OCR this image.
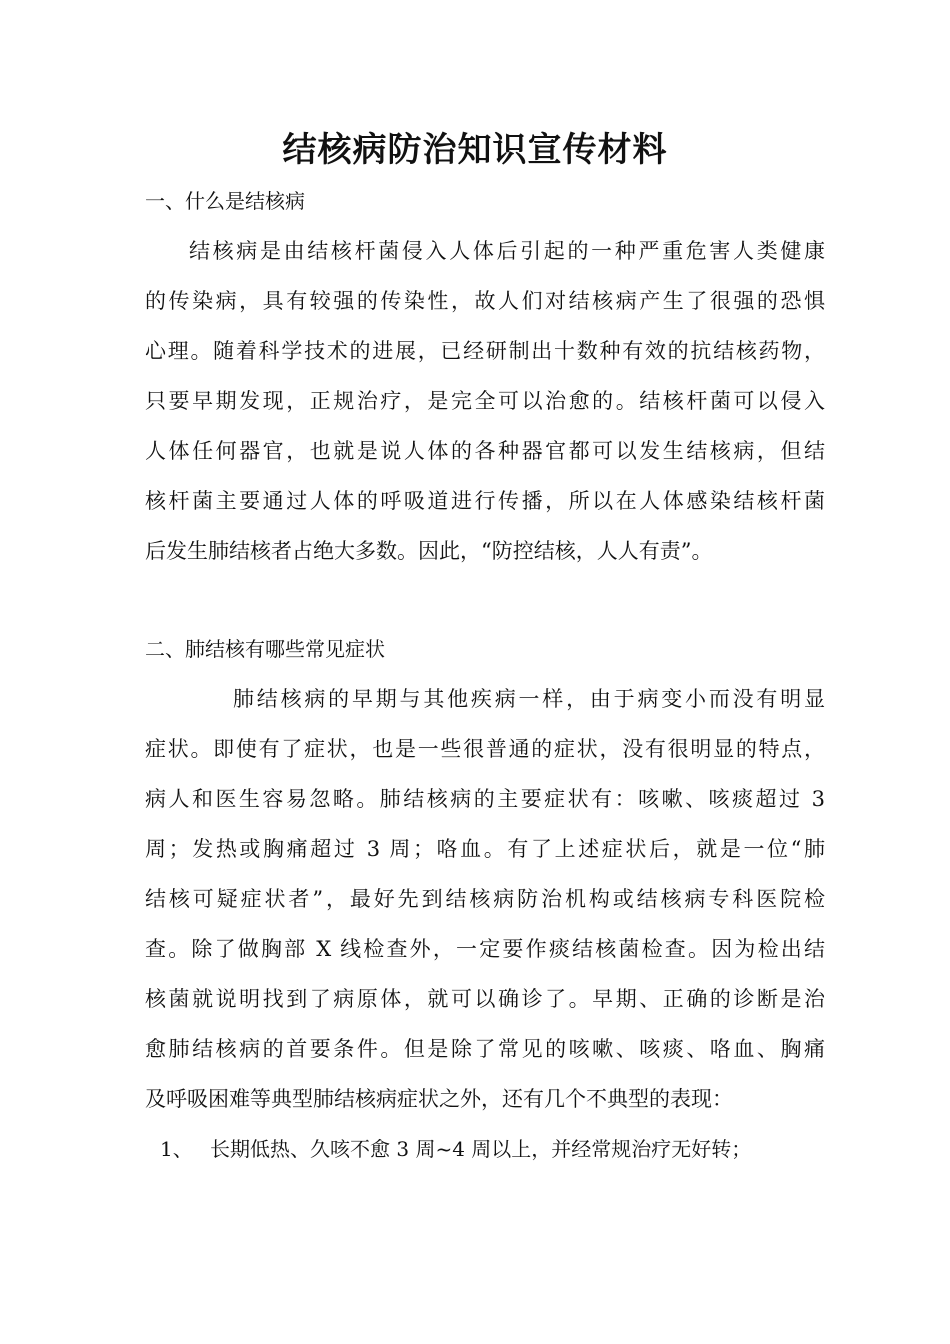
结核病防治知识宣传材料
一、什么是结核病
结核病是由结核杆菌侵入人体后引起的一种严重危害人类健康
的传染病，具有较强的传染性，故人们对结核病产生了很强的恐惧
心理。随着科学技术的进展，已经研制出十数种有效的抗结核药物，
只要早期发现，正规治疗，是完全可以治愈的。结核杆菌可以侵入
人体任何器官，也就是说人体的各种器官都可以发生结核病，但结
核杆菌主要通过人体的呼吸道进行传播，所以在人体感染结核杆菌
后发生肺结核者占绝大多数。因此，“防控结核，人人有责”。
二、肺结核有哪些常见症状
肺结核病的早期与其他疾病一样，由于病变小而没有明显
症状。即使有了症状，也是一些很普通的症状，没有很明显的特点，
病人和医生容易忽略。肺结核病的主要症状有：咳嗽、咳痰超过 3
周；发热或胸痛超过 3 周；咯血。有了上述症状后，就是一位“肺
结核可疑症状者”，最好先到结核病防治机构或结核病专科医院检
查。除了做胸部 X 线检查外，一定要作痰结核菌检查。因为检出结
核菌就说明找到了病原体，就可以确诊了。早期、正确的诊断是治
愈肺结核病的首要条件。但是除了常见的咳嗽、咳痰、咯血、胸痛
及呼吸困难等典型肺结核病症状之外，还有几个不典型的表现：
1、 长期低热、久咳不愈 3 周~4 周以上，并经常规治疗无好转；
